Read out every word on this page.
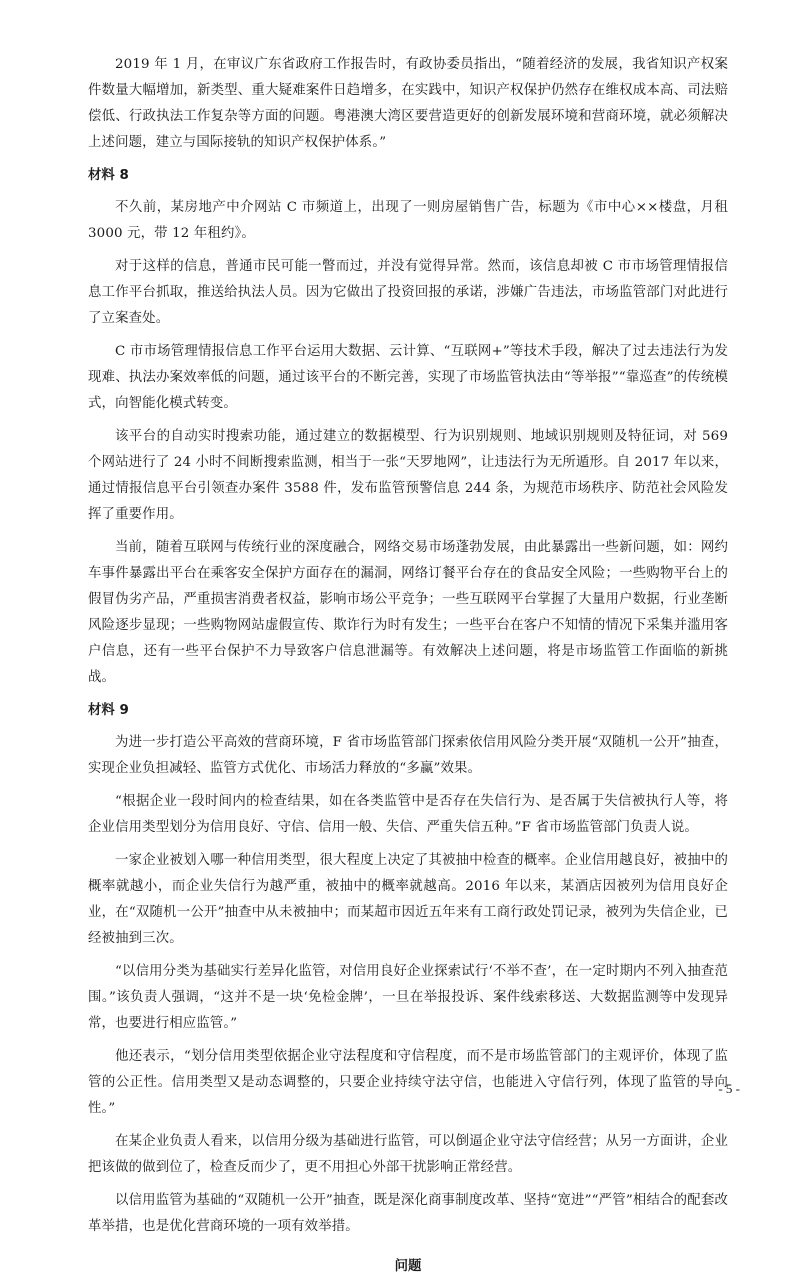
2019 年 1 月，在审议广东省政府工作报告时，有政协委员指出，“随着经济的发展，我省知识产权案件数量大幅增加，新类型、重大疑难案件日趋增多，在实践中，知识产权保护仍然存在维权成本高、司法赔偿低、行政执法工作复杂等方面的问题。粤港澳大湾区要营造更好的创新发展环境和营商环境，就必须解决上述问题，建立与国际接轨的知识产权保护体系。”

材料 8

不久前，某房地产中介网站 C 市频道上，出现了一则房屋销售广告，标题为《市中心××楼盘，月租3000 元，带 12 年租约》。

对于这样的信息，普通市民可能一瞥而过，并没有觉得异常。然而，该信息却被 C 市市场管理情报信息工作平台抓取，推送给执法人员。因为它做出了投资回报的承诺，涉嫌广告违法，市场监管部门对此进行了立案查处。

C 市市场管理情报信息工作平台运用大数据、云计算、“互联网+”等技术手段，解决了过去违法行为发现难、执法办案效率低的问题，通过该平台的不断完善，实现了市场监管执法由“等举报”“靠巡查”的传统模式，向智能化模式转变。

该平台的自动实时搜索功能，通过建立的数据模型、行为识别规则、地域识别规则及特征词，对 569 个网站进行了 24 小时不间断搜索监测，相当于一张“天罗地网”，让违法行为无所遁形。自 2017 年以来，通过情报信息平台引领查办案件 3588 件，发布监管预警信息 244 条，为规范市场秩序、防范社会风险发挥了重要作用。

当前，随着互联网与传统行业的深度融合，网络交易市场蓬勃发展，由此暴露出一些新问题，如：网约车事件暴露出平台在乘客安全保护方面存在的漏洞，网络订餐平台存在的食品安全风险；一些购物平台上的假冒伪劣产品，严重损害消费者权益，影响市场公平竞争；一些互联网平台掌握了大量用户数据，行业垄断风险逐步显现；一些购物网站虚假宣传、欺诈行为时有发生；一些平台在客户不知情的情况下采集并滥用客户信息，还有一些平台保护不力导致客户信息泄漏等。有效解决上述问题，将是市场监管工作面临的新挑战。

材料 9

为进一步打造公平高效的营商环境，F 省市场监管部门探索依信用风险分类开展“双随机一公开”抽查，实现企业负担减轻、监管方式优化、市场活力释放的“多赢”效果。

“根据企业一段时间内的检查结果，如在各类监管中是否存在失信行为、是否属于失信被执行人等，将企业信用类型划分为信用良好、守信、信用一般、失信、严重失信五种。”F 省市场监管部门负责人说。

一家企业被划入哪一种信用类型，很大程度上决定了其被抽中检查的概率。企业信用越良好，被抽中的概率就越小，而企业失信行为越严重，被抽中的概率就越高。2016 年以来，某酒店因被列为信用良好企业，在“双随机一公开”抽查中从未被抽中；而某超市因近五年来有工商行政处罚记录，被列为失信企业，已经被抽到三次。

“以信用分类为基础实行差异化监管，对信用良好企业探索试行‘不举不查’，在一定时期内不列入抽查范围。”该负责人强调，“这并不是一块‘免检金牌’，一旦在举报投诉、案件线索移送、大数据监测等中发现异常，也要进行相应监管。”

他还表示，“划分信用类型依据企业守法程度和守信程度，而不是市场监管部门的主观评价，体现了监管的公正性。信用类型又是动态调整的，只要企业持续守法守信，也能进入守信行列，体现了监管的导向性。”

在某企业负责人看来，以信用分级为基础进行监管，可以倒逼企业守法守信经营；从另一方面讲，企业把该做的做到位了，检查反而少了，更不用担心外部干扰影响正常经营。

以信用监管为基础的“双随机一公开”抽查，既是深化商事制度改革、坚持“宽进”“严管”相结合的配套改革举措，也是优化营商环境的一项有效举措。

问题

- 5 -
